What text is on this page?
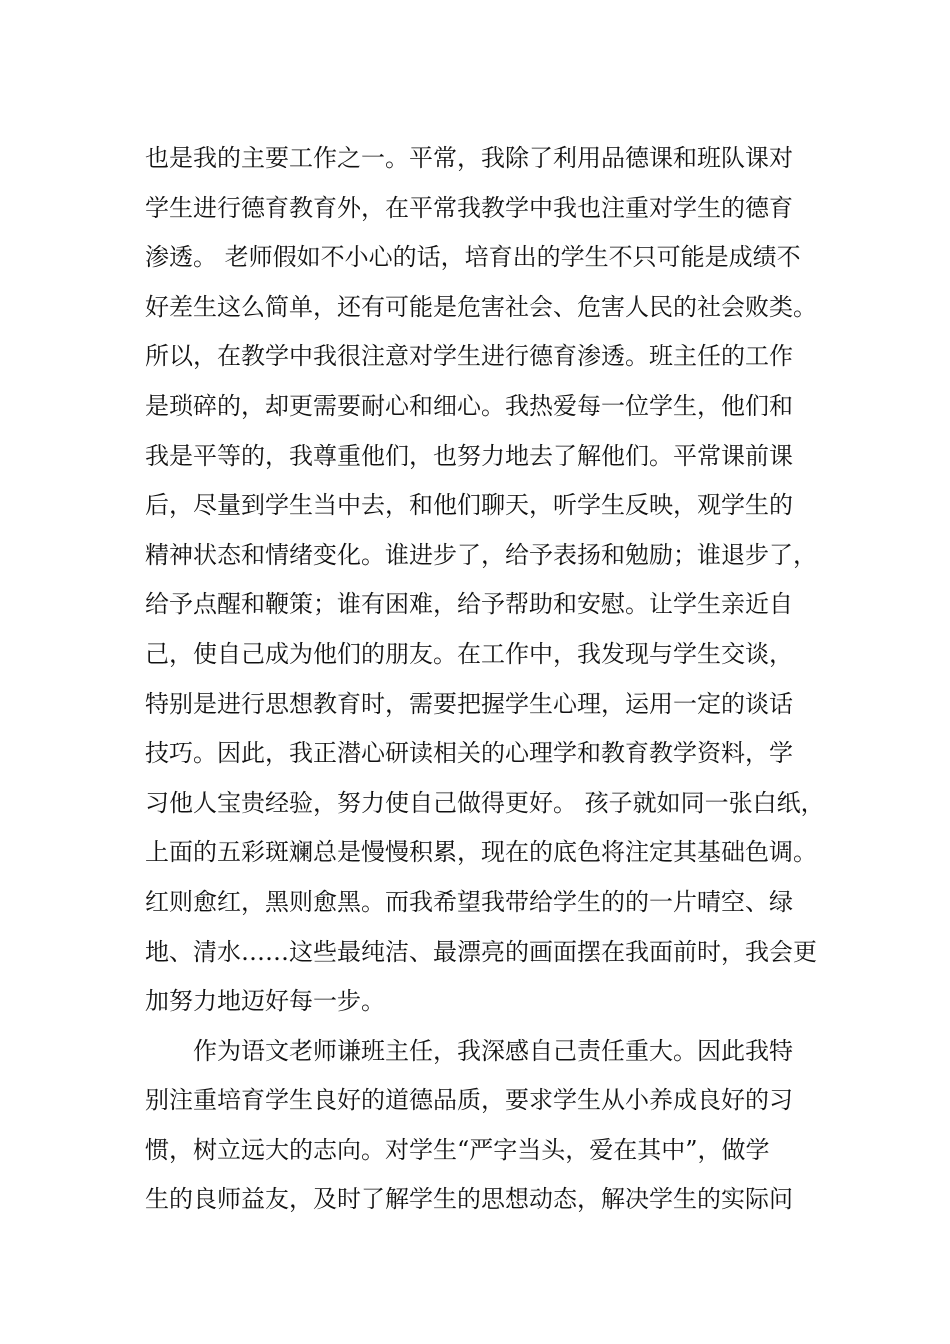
也是我的主要工作之一。平常，我除了利用品德课和班队课对
学生进行德育教育外，在平常我教学中我也注重对学生的德育
渗透。 老师假如不小心的话，培育出的学生不只可能是成绩不
好差生这么简单，还有可能是危害社会、危害人民的社会败类。
所以，在教学中我很注意对学生进行德育渗透。班主任的工作
是琐碎的，却更需要耐心和细心。我热爱每一位学生，他们和
我是平等的，我尊重他们，也努力地去了解他们。平常课前课
后，尽量到学生当中去，和他们聊天，听学生反映，观学生的
精神状态和情绪变化。谁进步了，给予表扬和勉励；谁退步了，
给予点醒和鞭策；谁有困难，给予帮助和安慰。让学生亲近自
己，使自己成为他们的朋友。在工作中，我发现与学生交谈，
特别是进行思想教育时，需要把握学生心理，运用一定的谈话
技巧。因此，我正潜心研读相关的心理学和教育教学资料，学
习他人宝贵经验，努力使自己做得更好。 孩子就如同一张白纸，
上面的五彩斑斓总是慢慢积累，现在的底色将注定其基础色调。
红则愈红，黑则愈黑。而我希望我带给学生的的一片晴空、绿
地、清水……这些最纯洁、最漂亮的画面摆在我面前时，我会更
加努力地迈好每一步。
作为语文老师谦班主任，我深感自己责任重大。因此我特
别注重培育学生良好的道德品质，要求学生从小养成良好的习
惯，树立远大的志向。对学生“严字当头，爱在其中”，做学
生的良师益友，及时了解学生的思想动态，解决学生的实际问
